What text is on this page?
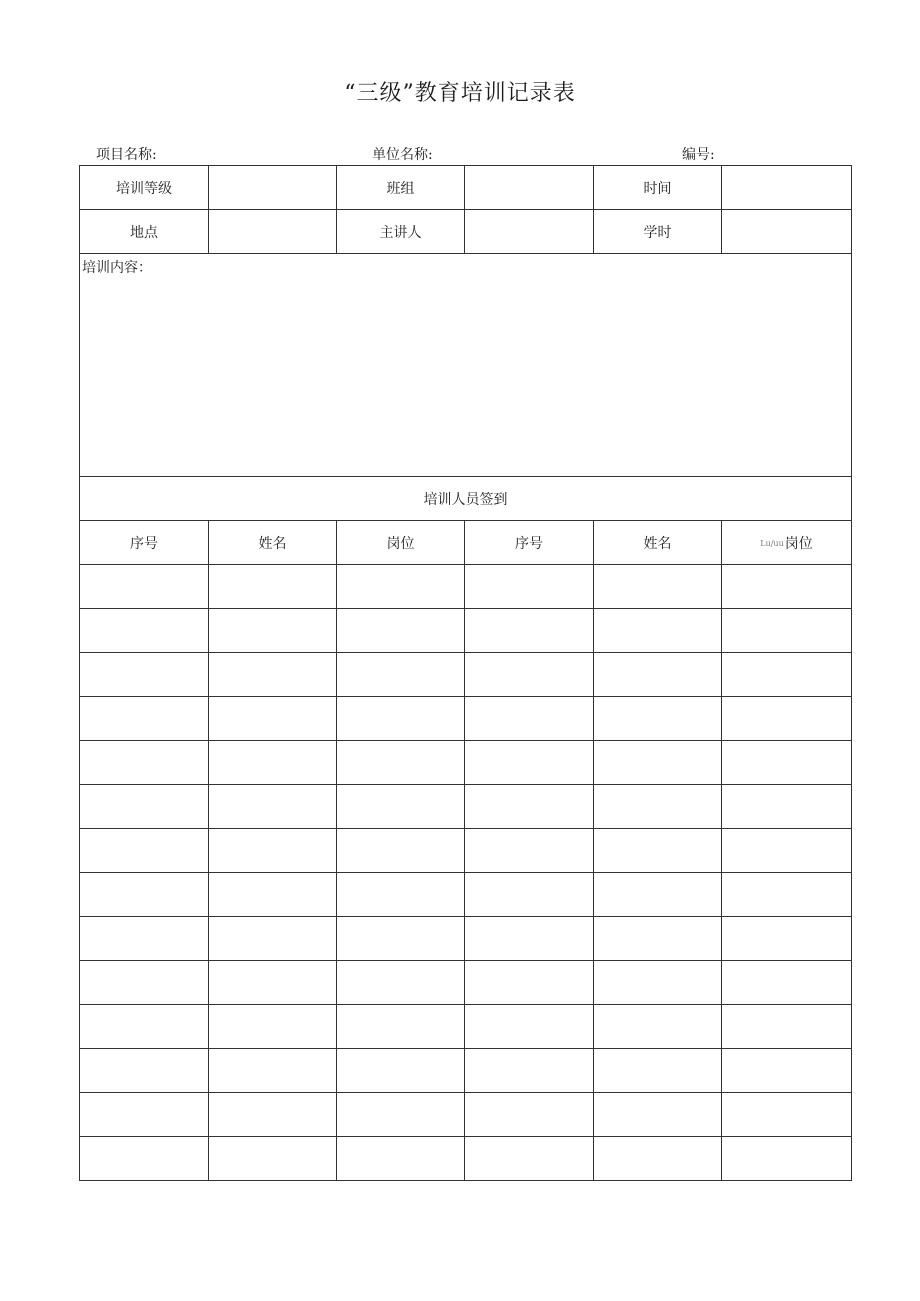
“三级”教育培训记录表
项目名称:	单位名称:	编号:
培训等级		班组		时间	
地点		主讲人		学时	
培训内容：					
培训人员签到					
序号	姓名	岗位	序号	姓名	Lu/uu岗位
